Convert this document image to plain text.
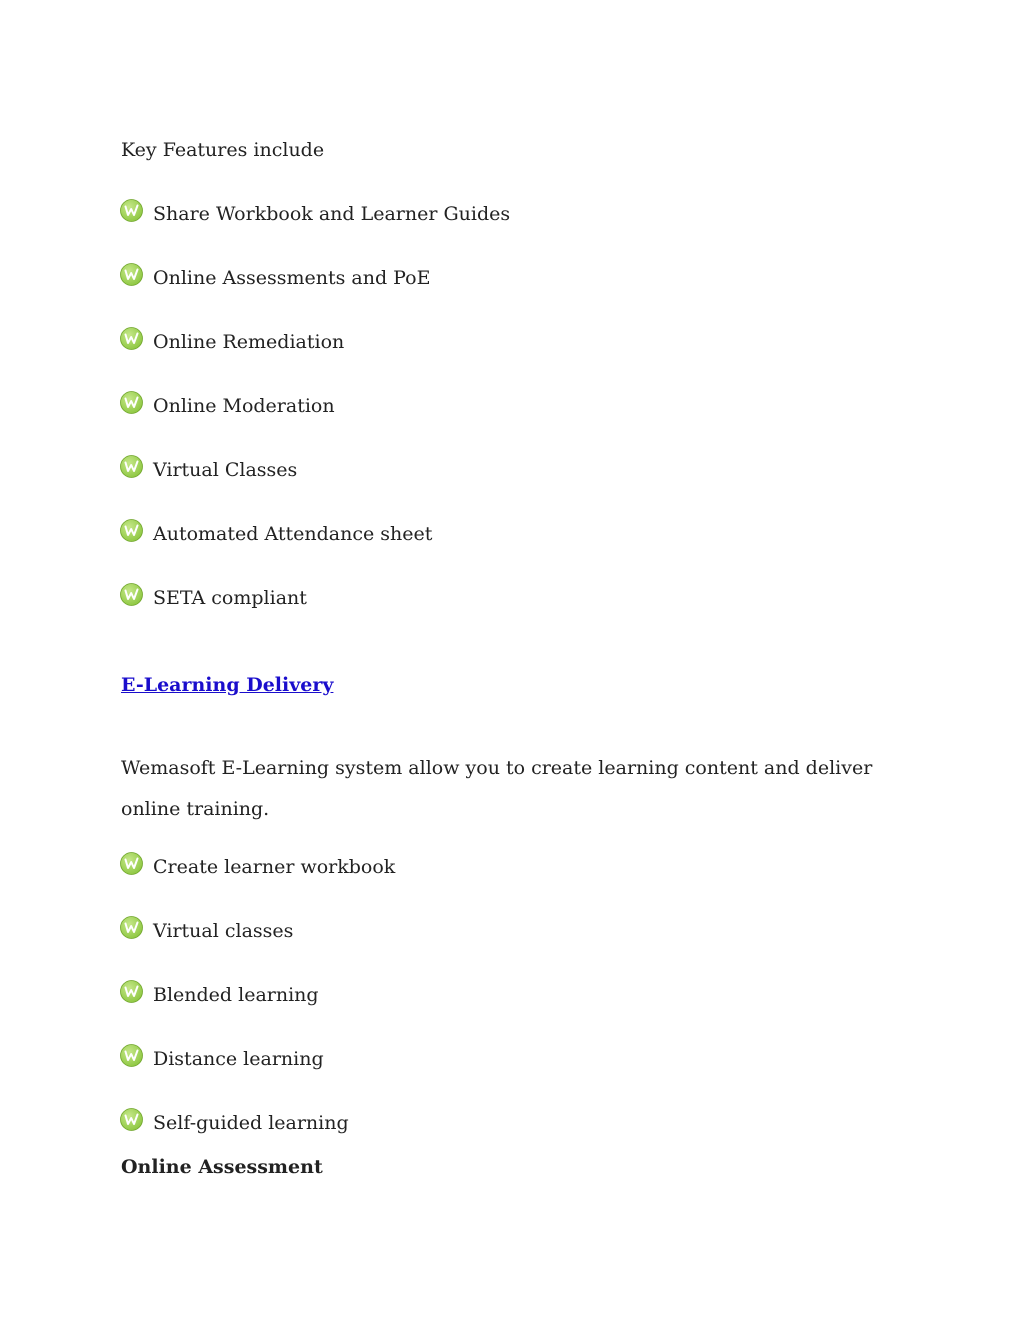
Key Features include

Share Workbook and Learner Guides
Online Assessments and PoE
Online Remediation
Online Moderation
Virtual Classes
Automated Attendance sheet
SETA compliant
E-Learning Delivery

Wemasoft E-Learning system allow you to create learning content and deliver online training.

Create learner workbook
Virtual classes
Blended learning
Distance learning
Self-guided learning

Online Assessment
